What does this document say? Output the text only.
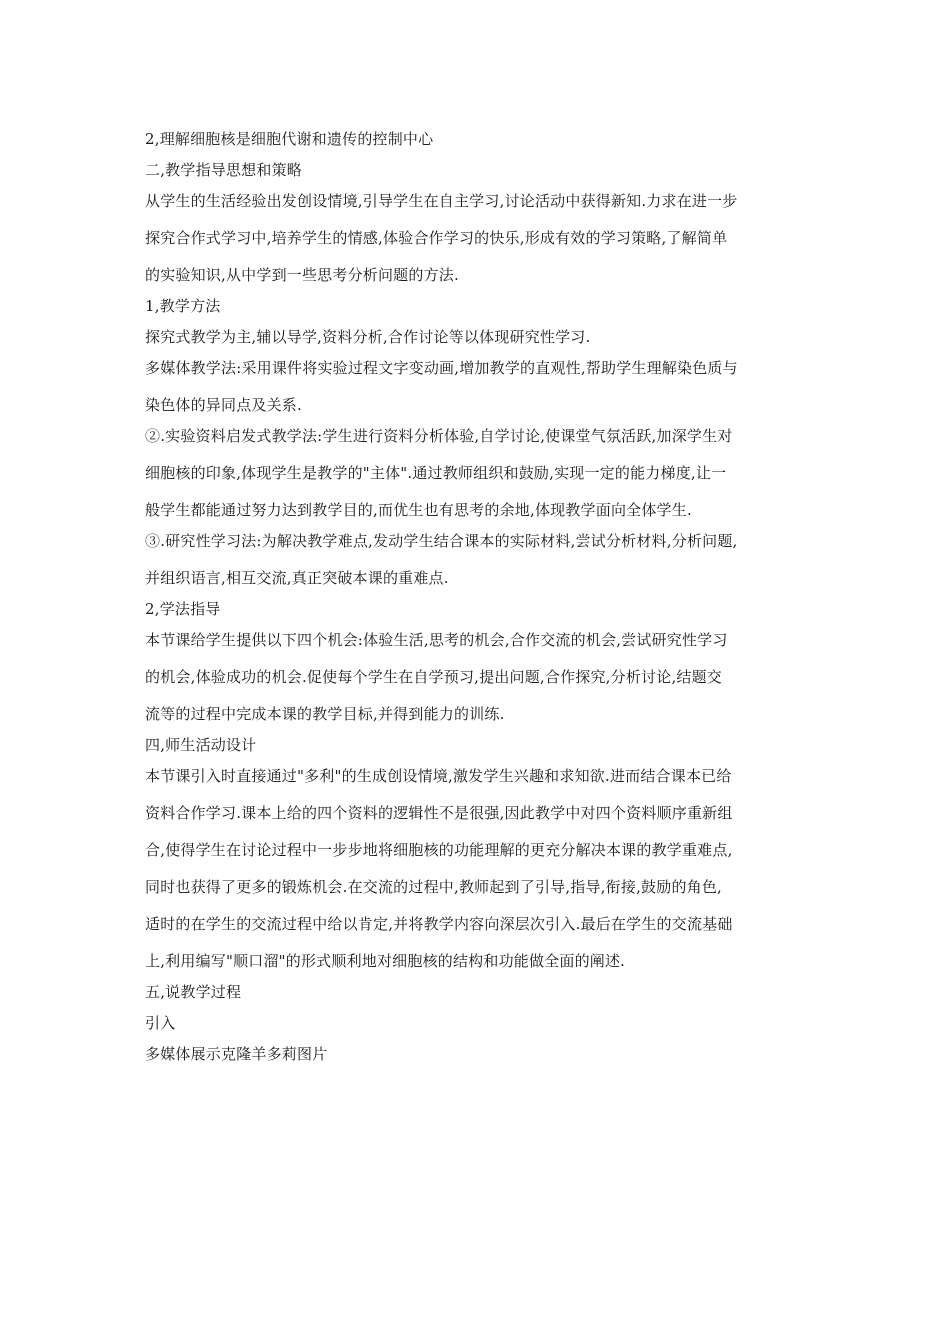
2,理解细胞核是细胞代谢和遗传的控制中心

二,教学指导思想和策略

从学生的生活经验出发创设情境,引导学生在自主学习,讨论活动中获得新知.力求在进一步

探究合作式学习中,培养学生的情感,体验合作学习的快乐,形成有效的学习策略,了解简单

的实验知识,从中学到一些思考分析问题的方法.

1,教学方法

探究式教学为主,辅以导学,资料分析,合作讨论等以体现研究性学习.

多媒体教学法:采用课件将实验过程文字变动画,增加教学的直观性,帮助学生理解染色质与

染色体的异同点及关系.

②.实验资料启发式教学法:学生进行资料分析体验,自学讨论,使课堂气氛活跃,加深学生对

细胞核的印象,体现学生是教学的"主体".通过教师组织和鼓励,实现一定的能力梯度,让一

般学生都能通过努力达到教学目的,而优生也有思考的余地,体现教学面向全体学生.

③.研究性学习法:为解决教学难点,发动学生结合课本的实际材料,尝试分析材料,分析问题,

并组织语言,相互交流,真正突破本课的重难点.

2,学法指导

本节课给学生提供以下四个机会:体验生活,思考的机会,合作交流的机会,尝试研究性学习

的机会,体验成功的机会.促使每个学生在自学预习,提出问题,合作探究,分析讨论,结题交

流等的过程中完成本课的教学目标,并得到能力的训练.

四,师生活动设计

本节课引入时直接通过"多利"的生成创设情境,激发学生兴趣和求知欲.进而结合课本已给

资料合作学习.课本上给的四个资料的逻辑性不是很强,因此教学中对四个资料顺序重新组

合,使得学生在讨论过程中一步步地将细胞核的功能理解的更充分解决本课的教学重难点,

同时也获得了更多的锻炼机会.在交流的过程中,教师起到了引导,指导,衔接,鼓励的角色,

适时的在学生的交流过程中给以肯定,并将教学内容向深层次引入.最后在学生的交流基础

上,利用编写"顺口溜"的形式顺利地对细胞核的结构和功能做全面的阐述.

五,说教学过程

引入

多媒体展示克隆羊多莉图片
